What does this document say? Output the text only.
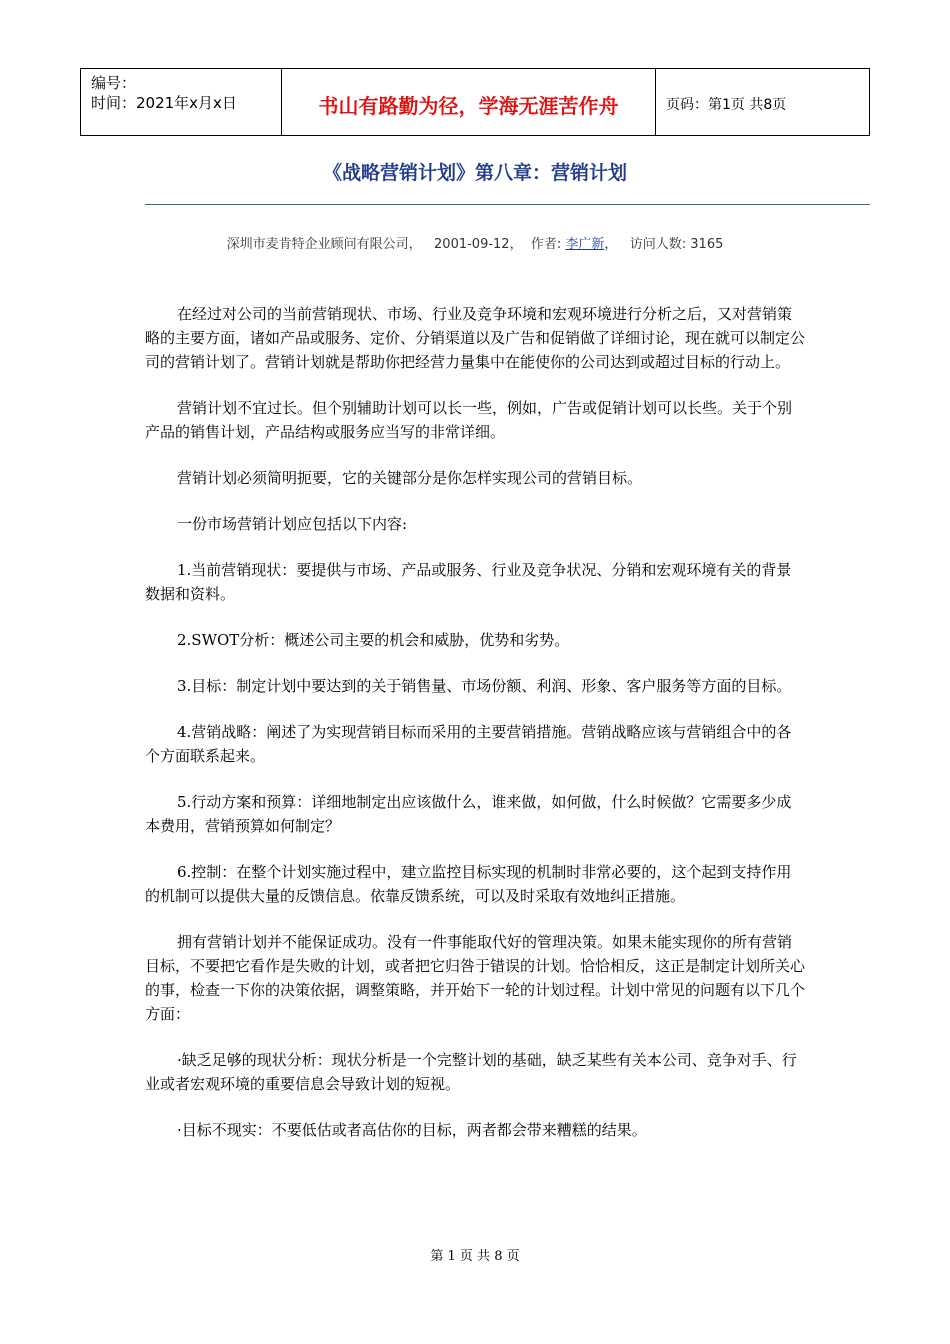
编号：
时间：2021年x月x日	书山有路勤为径，学海无涯苦作舟	页码：第1页 共8页
《战略营销计划》第八章：营销计划
深圳市麦肯特企业顾问有限公司，   2001-09-12，  作者: 李广新，   访问人数: 3165

在经过对公司的当前营销现状、市场、行业及竞争环境和宏观环境进行分析之后，又对营销策略的主要方面，诸如产品或服务、定价、分销渠道以及广告和促销做了详细讨论，现在就可以制定公司的营销计划了。营销计划就是帮助你把经营力量集中在能使你的公司达到或超过目标的行动上。

营销计划不宜过长。但个别辅助计划可以长一些，例如，广告或促销计划可以长些。关于个别产品的销售计划，产品结构或服务应当写的非常详细。

营销计划必须简明扼要，它的关键部分是你怎样实现公司的营销目标。

一份市场营销计划应包括以下内容:

1.当前营销现状：要提供与市场、产品或服务、行业及竞争状况、分销和宏观环境有关的背景数据和资料。

2.SWOT分析：概述公司主要的机会和威胁，优势和劣势。

3.目标：制定计划中要达到的关于销售量、市场份额、利润、形象、客户服务等方面的目标。

4.营销战略：阐述了为实现营销目标而采用的主要营销措施。营销战略应该与营销组合中的各个方面联系起来。

5.行动方案和预算：详细地制定出应该做什么，谁来做，如何做，什么时候做？它需要多少成本费用，营销预算如何制定？

6.控制：在整个计划实施过程中，建立监控目标实现的机制时非常必要的，这个起到支持作用的机制可以提供大量的反馈信息。依靠反馈系统，可以及时采取有效地纠正措施。

拥有营销计划并不能保证成功。没有一件事能取代好的管理决策。如果未能实现你的所有营销目标，不要把它看作是失败的计划，或者把它归咎于错误的计划。恰恰相反，这正是制定计划所关心的事，检查一下你的决策依据，调整策略，并开始下一轮的计划过程。计划中常见的问题有以下几个方面：

·缺乏足够的现状分析：现状分析是一个完整计划的基础，缺乏某些有关本公司、竞争对手、行业或者宏观环境的重要信息会导致计划的短视。

·目标不现实：不要低估或者高估你的目标，两者都会带来糟糕的结果。

第 1 页 共 8 页
